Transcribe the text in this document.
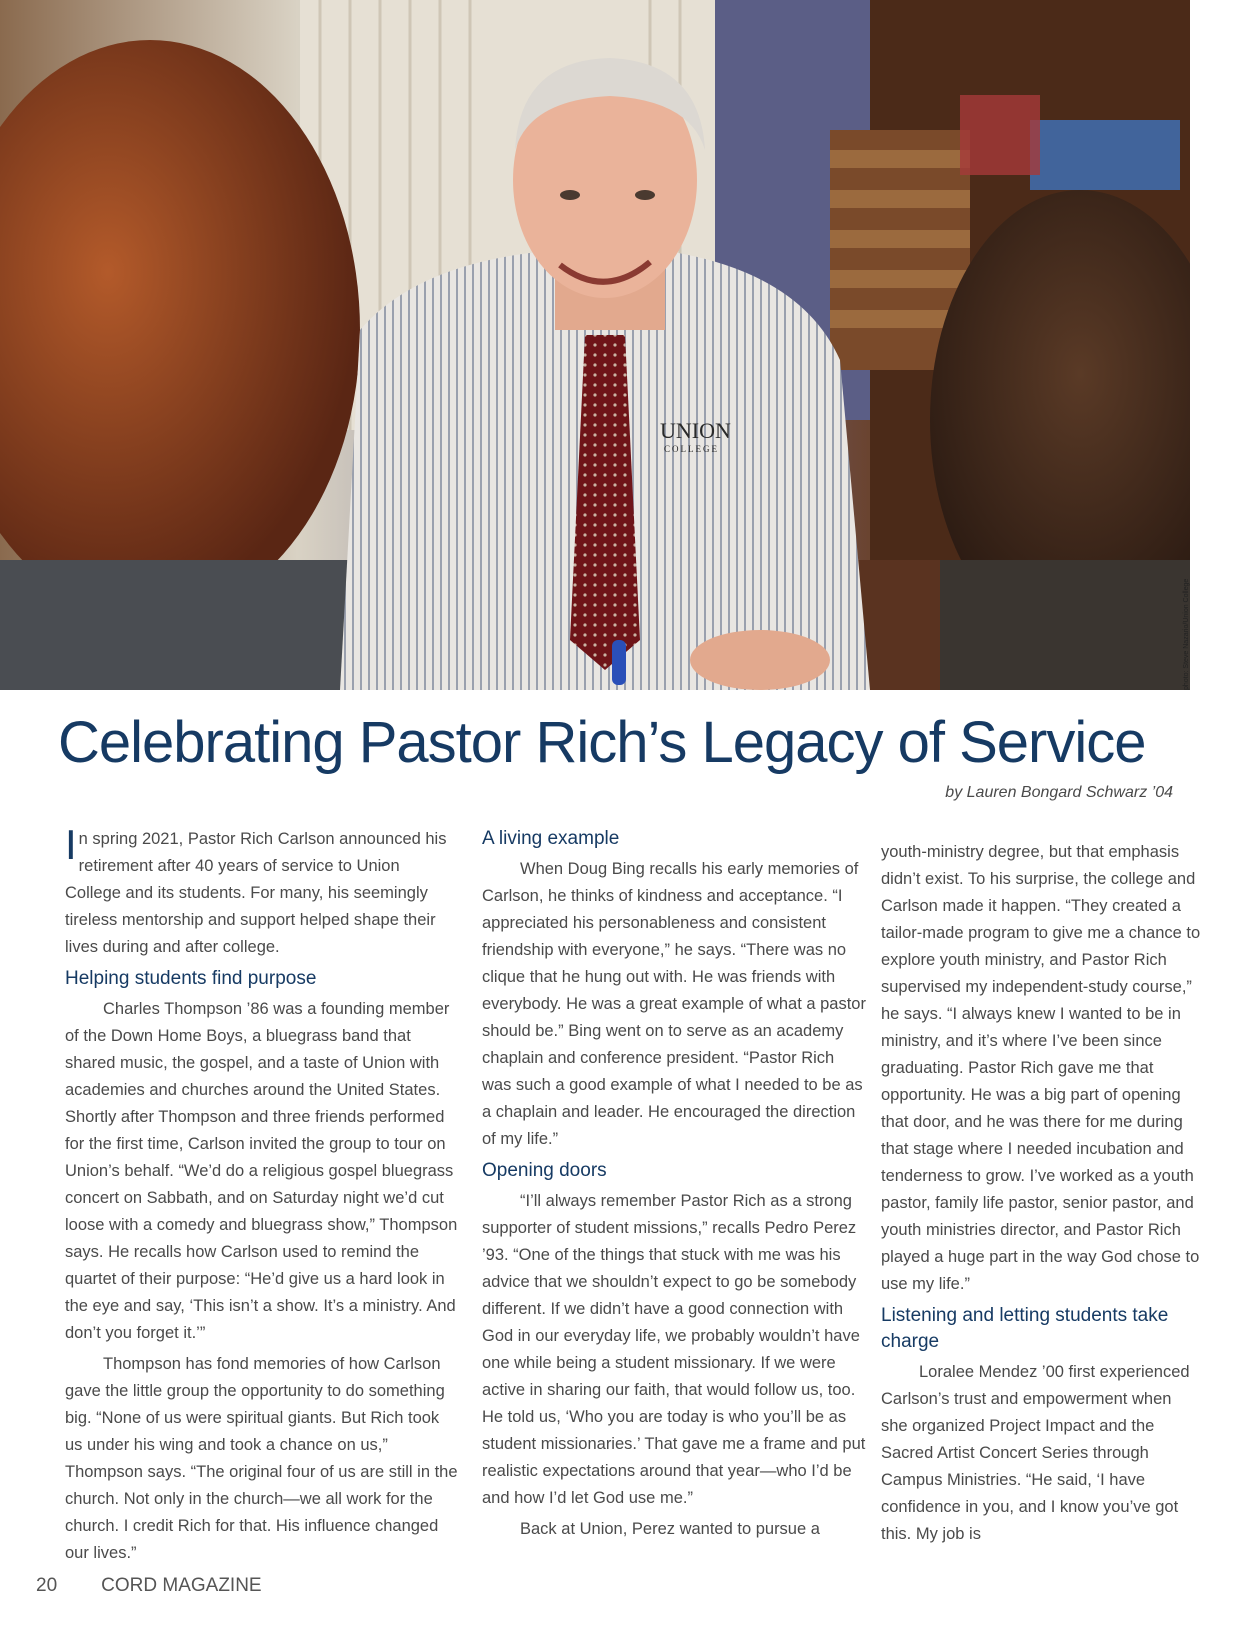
UNION
COLLEGE
photo: Steve Nazario/Union College
Celebrating Pastor Rich’s Legacy of Service
by Lauren Bongard Schwarz ’04

In spring 2021, Pastor Rich Carlson announced his retirement after 40 years of service to Union College and its students. For many, his seemingly tireless mentorship and support helped shape their lives during and after college.

Helping students find purpose

Charles Thompson ’86 was a founding member of the Down Home Boys, a bluegrass band that shared music, the gospel, and a taste of Union with academies and churches around the United States. Shortly after Thompson and three friends performed for the first time, Carlson invited the group to tour on Union’s behalf. “We’d do a religious gospel bluegrass concert on Sabbath, and on Saturday night we’d cut loose with a comedy and bluegrass show,” Thompson says. He recalls how Carlson used to remind the quartet of their purpose: “He’d give us a hard look in the eye and say, ‘This isn’t a show. It’s a ministry. And don’t you forget it.’”

Thompson has fond memories of how Carlson gave the little group the opportunity to do something big. “None of us were spiritual giants. But Rich took us under his wing and took a chance on us,” Thompson says. “The original four of us are still in the church. Not only in the church—we all work for the church. I credit Rich for that. His influence changed our lives.”

A living example

When Doug Bing recalls his early memories of Carlson, he thinks of kindness and acceptance. “I appreciated his personableness and consistent friendship with everyone,” he says. “There was no clique that he hung out with. He was friends with everybody. He was a great example of what a pastor should be.” Bing went on to serve as an academy chaplain and conference president. “Pastor Rich was such a good example of what I needed to be as a chaplain and leader. He encouraged the direction of my life.”

Opening doors

“I’ll always remember Pastor Rich as a strong supporter of student missions,” recalls Pedro Perez ’93. “One of the things that stuck with me was his advice that we shouldn’t expect to go be somebody different. If we didn’t have a good connection with God in our everyday life, we probably wouldn’t have one while being a student missionary. If we were active in sharing our faith, that would follow us, too. He told us, ‘Who you are today is who you’ll be as student missionaries.’ That gave me a frame and put realistic expectations around that year—who I’d be and how I’d let God use me.”

Back at Union, Perez wanted to pursue a

youth-ministry degree, but that emphasis didn’t exist. To his surprise, the college and Carlson made it happen. “They created a tailor-made program to give me a chance to explore youth ministry, and Pastor Rich supervised my independent-study course,” he says. “I always knew I wanted to be in ministry, and it’s where I’ve been since graduating. Pastor Rich gave me that opportunity. He was a big part of opening that door, and he was there for me during that stage where I needed incubation and tenderness to grow. I’ve worked as a youth pastor, family life pastor, senior pastor, and youth ministries director, and Pastor Rich played a huge part in the way God chose to use my life.”

Listening and letting students take charge

Loralee Mendez ’00 first experienced Carlson’s trust and empowerment when she organized Project Impact and the Sacred Artist Concert Series through Campus Ministries. “He said, ‘I have confidence in you, and I know you’ve got this. My job is

20 CORD MAGAZINE
